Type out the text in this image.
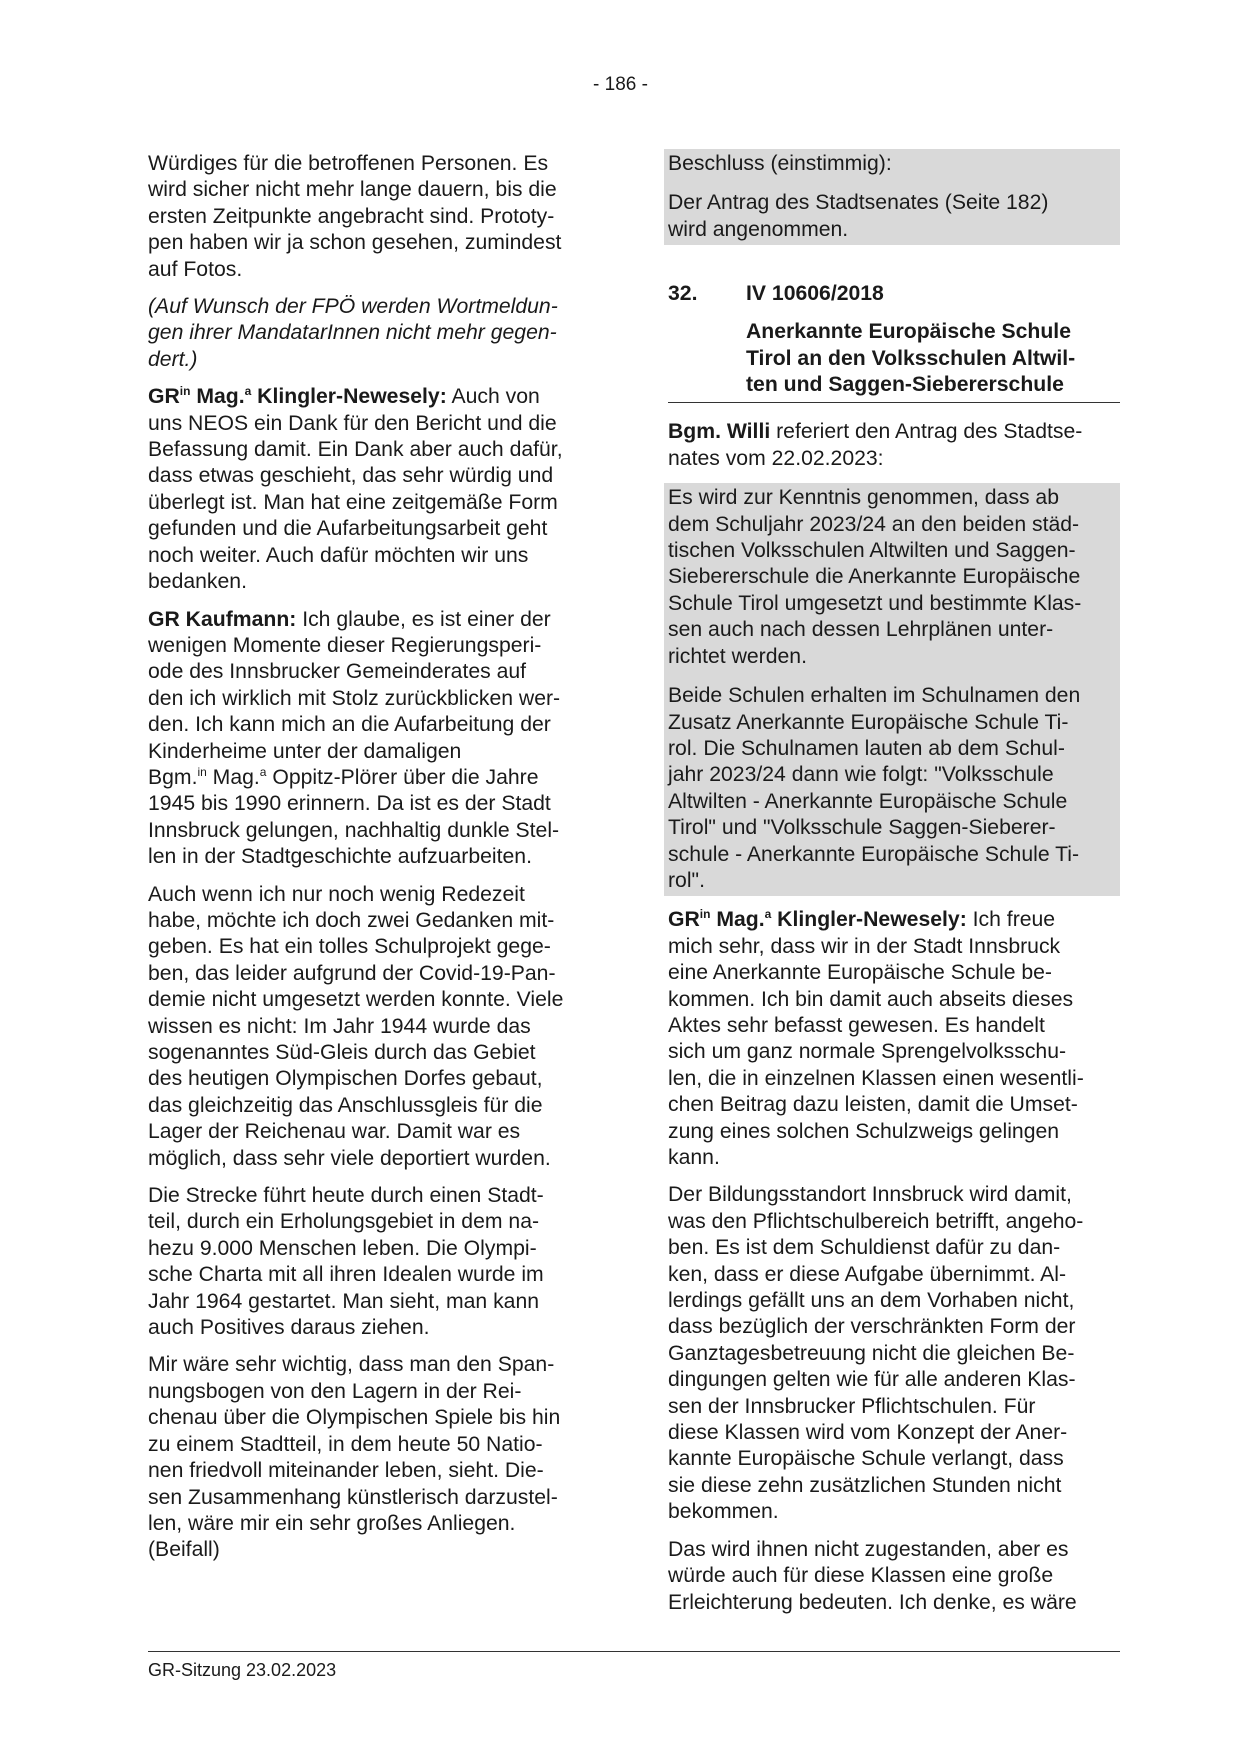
- 186 -

Würdiges für die betroffenen Personen. Es
wird sicher nicht mehr lange dauern, bis die
ersten Zeitpunkte angebracht sind. Prototy-
pen haben wir ja schon gesehen, zumindest
auf Fotos.

(Auf Wunsch der FPÖ werden Wortmeldun-
gen ihrer MandatarInnen nicht mehr gegen-
dert.)

$GR^{in}$ Mag.$^a$ Klingler-Newesely: Auch von
uns NEOS ein Dank für den Bericht und die
Befassung damit. Ein Dank aber auch dafür,
dass etwas geschieht, das sehr würdig und
überlegt ist. Man hat eine zeitgemäße Form
gefunden und die Aufarbeitungsarbeit geht
noch weiter. Auch dafür möchten wir uns
bedanken.

GR Kaufmann: Ich glaube, es ist einer der
wenigen Momente dieser Regierungsperi-
ode des Innsbrucker Gemeinderates auf
den ich wirklich mit Stolz zurückblicken wer-
den. Ich kann mich an die Aufarbeitung der
Kinderheime unter der damaligen
Bgm.$^{in}$ Mag.$^a$ Oppitz-Plörer über die Jahre
1945 bis 1990 erinnern. Da ist es der Stadt
Innsbruck gelungen, nachhaltig dunkle Stel-
len in der Stadtgeschichte aufzuarbeiten.

Auch wenn ich nur noch wenig Redezeit
habe, möchte ich doch zwei Gedanken mit-
geben. Es hat ein tolles Schulprojekt gege-
ben, das leider aufgrund der Covid-19-Pan-
demie nicht umgesetzt werden konnte. Viele
wissen es nicht: Im Jahr 1944 wurde das
sogenanntes Süd-Gleis durch das Gebiet
des heutigen Olympischen Dorfes gebaut,
das gleichzeitig das Anschlussgleis für die
Lager der Reichenau war. Damit war es
möglich, dass sehr viele deportiert wurden.

Die Strecke führt heute durch einen Stadt-
teil, durch ein Erholungsgebiet in dem na-
hezu 9.000 Menschen leben. Die Olympi-
sche Charta mit all ihren Idealen wurde im
Jahr 1964 gestartet. Man sieht, man kann
auch Positives daraus ziehen.

Mir wäre sehr wichtig, dass man den Span-
nungsbogen von den Lagern in der Rei-
chenau über die Olympischen Spiele bis hin
zu einem Stadtteil, in dem heute 50 Natio-
nen friedvoll miteinander leben, sieht. Die-
sen Zusammenhang künstlerisch darzustel-
len, wäre mir ein sehr großes Anliegen.
(Beifall)

Beschluss (einstimmig):

Der Antrag des Stadtsenates (Seite 182)
wird angenommen.

32. IV 10606/2018
Anerkannte Europäische Schule
Tirol an den Volksschulen Altwil-
ten und Saggen-Siebererschule

Bgm. Willi referiert den Antrag des Stadtse-
nates vom 22.02.2023:

Es wird zur Kenntnis genommen, dass ab
dem Schuljahr 2023/24 an den beiden städ-
tischen Volksschulen Altwilten und Saggen-
Siebererschule die Anerkannte Europäische
Schule Tirol umgesetzt und bestimmte Klas-
sen auch nach dessen Lehrplänen unter-
richtet werden.

Beide Schulen erhalten im Schulnamen den
Zusatz Anerkannte Europäische Schule Ti-
rol. Die Schulnamen lauten ab dem Schul-
jahr 2023/24 dann wie folgt: "Volksschule
Altwilten - Anerkannte Europäische Schule
Tirol" und "Volksschule Saggen-Sieberer-
schule - Anerkannte Europäische Schule Ti-
rol".

$GR^{in}$ Mag.$^a$ Klingler-Newesely: Ich freue
mich sehr, dass wir in der Stadt Innsbruck
eine Anerkannte Europäische Schule be-
kommen. Ich bin damit auch abseits dieses
Aktes sehr befasst gewesen. Es handelt
sich um ganz normale Sprengelvolksschu-
len, die in einzelnen Klassen einen wesentli-
chen Beitrag dazu leisten, damit die Umset-
zung eines solchen Schulzweigs gelingen
kann.

Der Bildungsstandort Innsbruck wird damit,
was den Pflichtschulbereich betrifft, angeho-
ben. Es ist dem Schuldienst dafür zu dan-
ken, dass er diese Aufgabe übernimmt. Al-
lerdings gefällt uns an dem Vorhaben nicht,
dass bezüglich der verschränkten Form der
Ganztagesbetreuung nicht die gleichen Be-
dingungen gelten wie für alle anderen Klas-
sen der Innsbrucker Pflichtschulen. Für
diese Klassen wird vom Konzept der Aner-
kannte Europäische Schule verlangt, dass
sie diese zehn zusätzlichen Stunden nicht
bekommen.

Das wird ihnen nicht zugestanden, aber es
würde auch für diese Klassen eine große
Erleichterung bedeuten. Ich denke, es wäre

GR-Sitzung 23.02.2023
